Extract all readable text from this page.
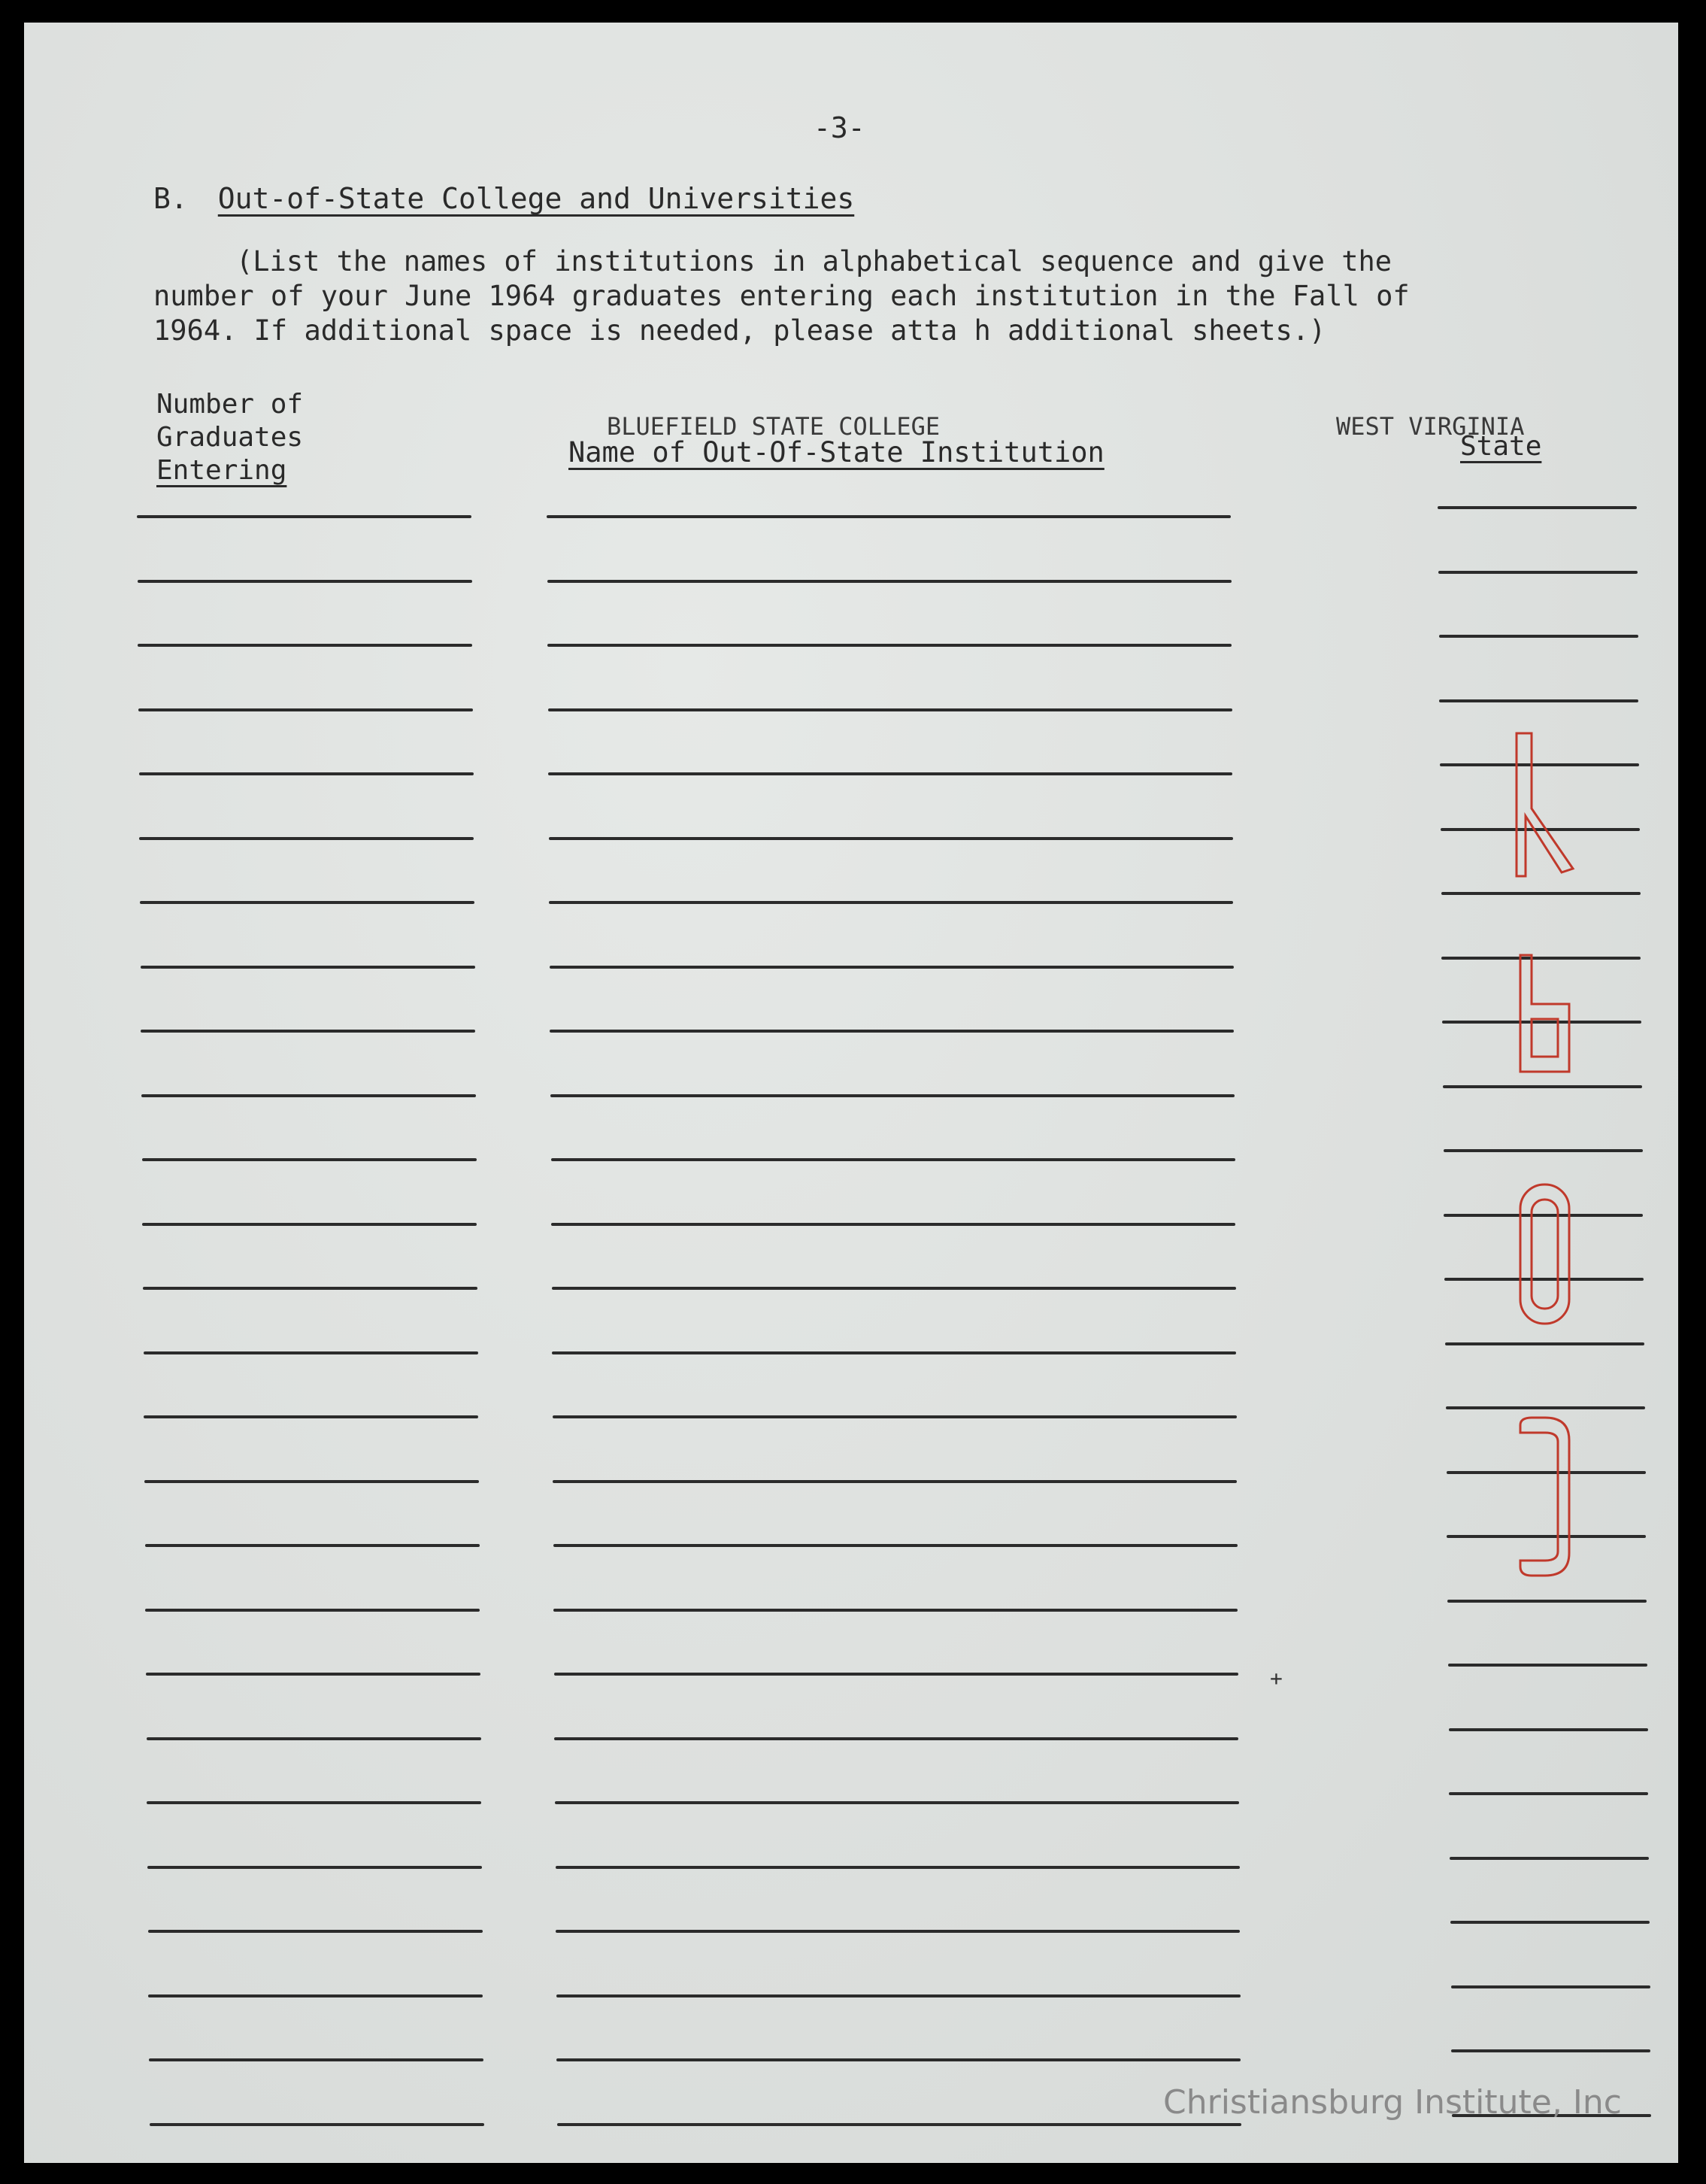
-3-
B. Out-of-State College and Universities
(List the names of institutions in alphabetical sequence and give the
number of your June 1964 graduates entering each institution in the Fall of
1964. If additional space is needed, please atta h additional sheets.)
Number of
Graduates
Entering
BLUEFIELD STATE COLLEGE
Name of Out-Of-State Institution
WEST VIRGINIA
State
+
Christiansburg Institute, Inc
